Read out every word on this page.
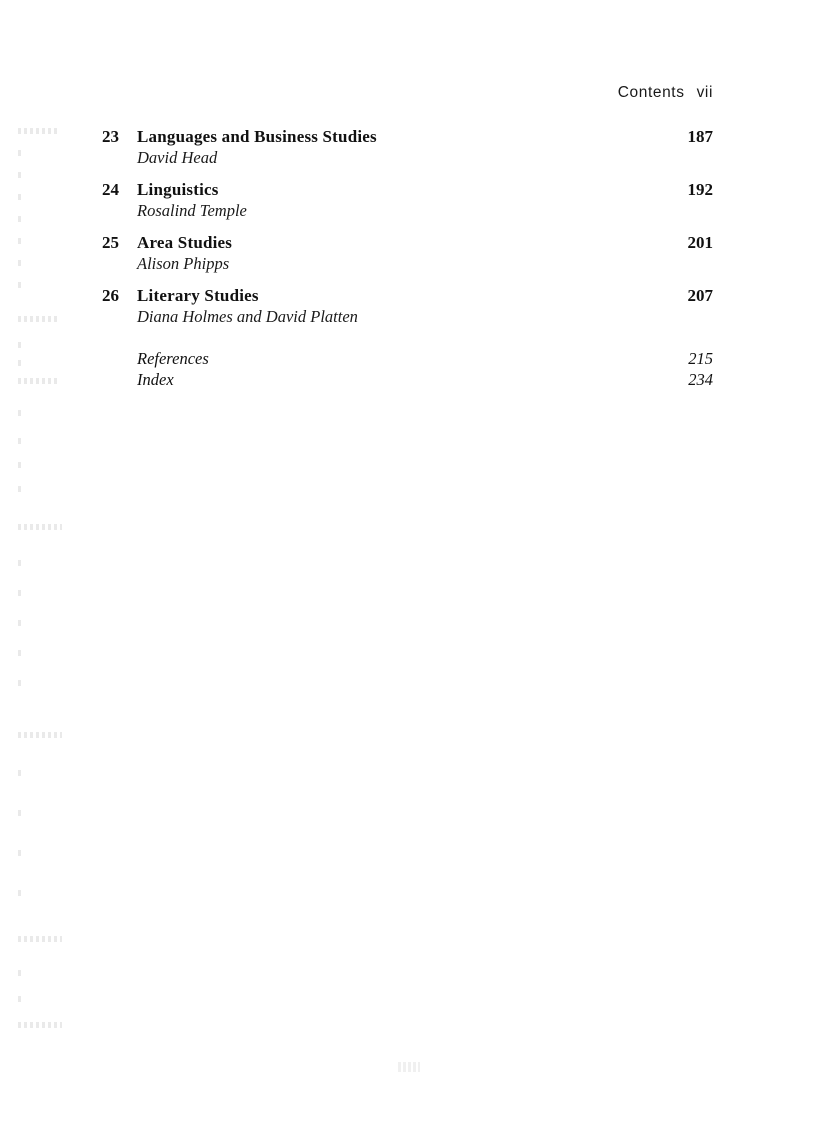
Contents vii
23 Languages and Business Studies	187
David Head
24 Linguistics	192
Rosalind Temple
25 Area Studies	201
Alison Phipps
26 Literary Studies	207
Diana Holmes and David Platten
References	215
Index	234
